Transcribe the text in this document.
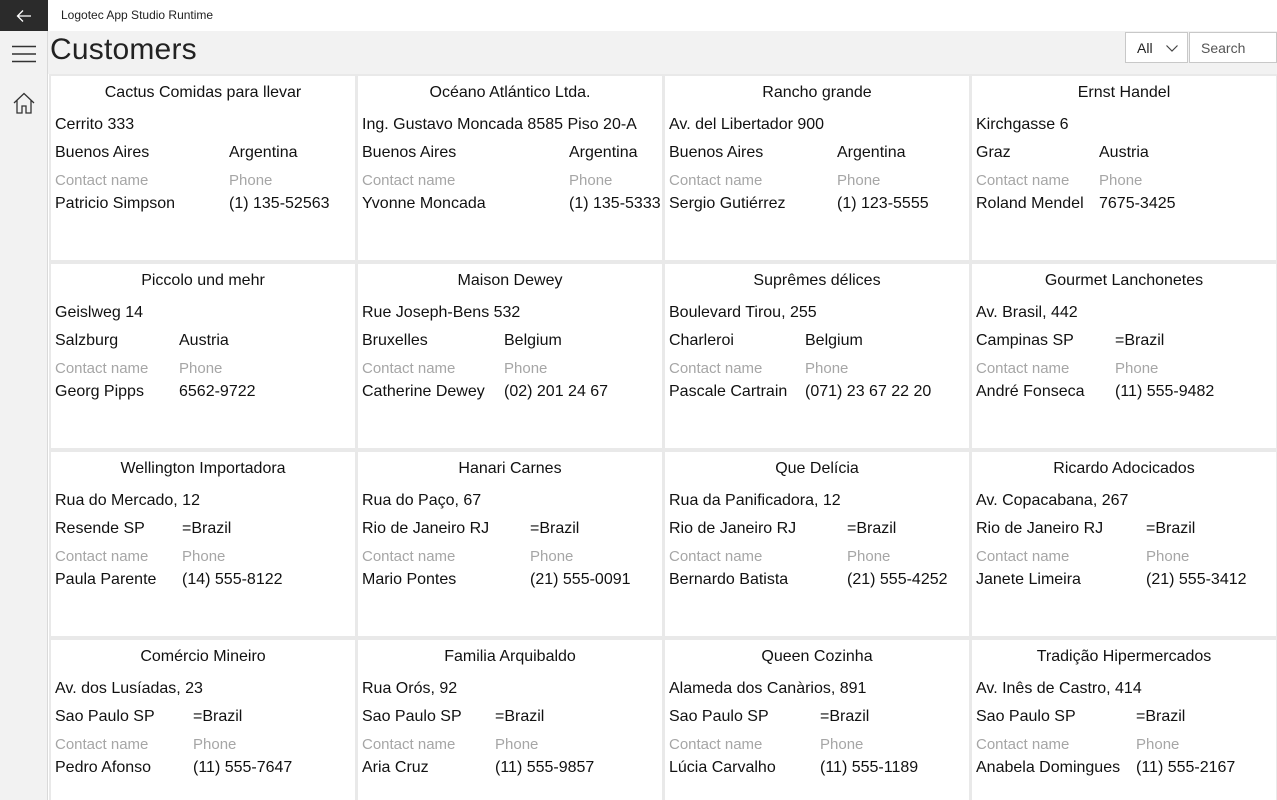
Logotec App Studio Runtime
Customers	All
Search
Cactus Comidas para llevar
Cerrito 333
Buenos Aires	Argentina
Contact name	Phone
Patricio Simpson	(1) 135-52563
Océano Atlántico Ltda.
Ing. Gustavo Moncada 8585 Piso 20-A
Buenos Aires	Argentina
Contact name	Phone
Yvonne Moncada	(1) 135-5333
Rancho grande
Av. del Libertador 900
Buenos Aires	Argentina
Contact name	Phone
Sergio Gutiérrez	(1) 123-5555
Ernst Handel
Kirchgasse 6
Graz	Austria
Contact name Phone
Roland Mendel 7675-3425
Piccolo und mehr
Geislweg 14
Salzburg	Austria
Contact name Phone
Georg Pipps 6562-9722
Maison Dewey
Rue Joseph-Bens 532
Bruxelles	Belgium
Contact name	Phone
Catherine Dewey (02) 201 24 67
Suprêmes délices
Boulevard Tirou, 255
Charleroi	Belgium
Contact name	Phone
Pascale Cartrain (071) 23 67 22 20
Gourmet Lanchonetes
Av. Brasil, 442
Campinas SP	=Brazil
Contact name	Phone
André Fonseca (11) 555-9482
Wellington Importadora
Rua do Mercado, 12
Resende SP =Brazil
Contact name Phone
Paula Parente (14) 555-8122
Hanari Carnes
Rua do Paço, 67
Rio de Janeiro RJ	=Brazil
Contact name	Phone
Mario Pontes	(21) 555-0091
Que Delícia
Rua da Panificadora, 12
Rio de Janeiro RJ	=Brazil
Contact name	Phone
Bernardo Batista	(21) 555-4252
Ricardo Adocicados
Av. Copacabana, 267
Rio de Janeiro RJ	=Brazil
Contact name	Phone
Janete Limeira	(21) 555-3412
Comércio Mineiro
Av. dos Lusíadas, 23
Sao Paulo SP =Brazil
Contact name	Phone
Pedro Afonso	(11) 555-7647
Familia Arquibaldo
Rua Orós, 92
Sao Paulo SP =Brazil
Contact name	Phone
Aria Cruz	(11) 555-9857
Queen Cozinha
Alameda dos Canàrios, 891
Sao Paulo SP	=Brazil
Contact name	Phone
Lúcia Carvalho	(11) 555-1189
Tradição Hipermercados
Av. Inês de Castro, 414
Sao Paulo SP	=Brazil
Contact name	Phone
Anabela Domingues (11) 555-2167
